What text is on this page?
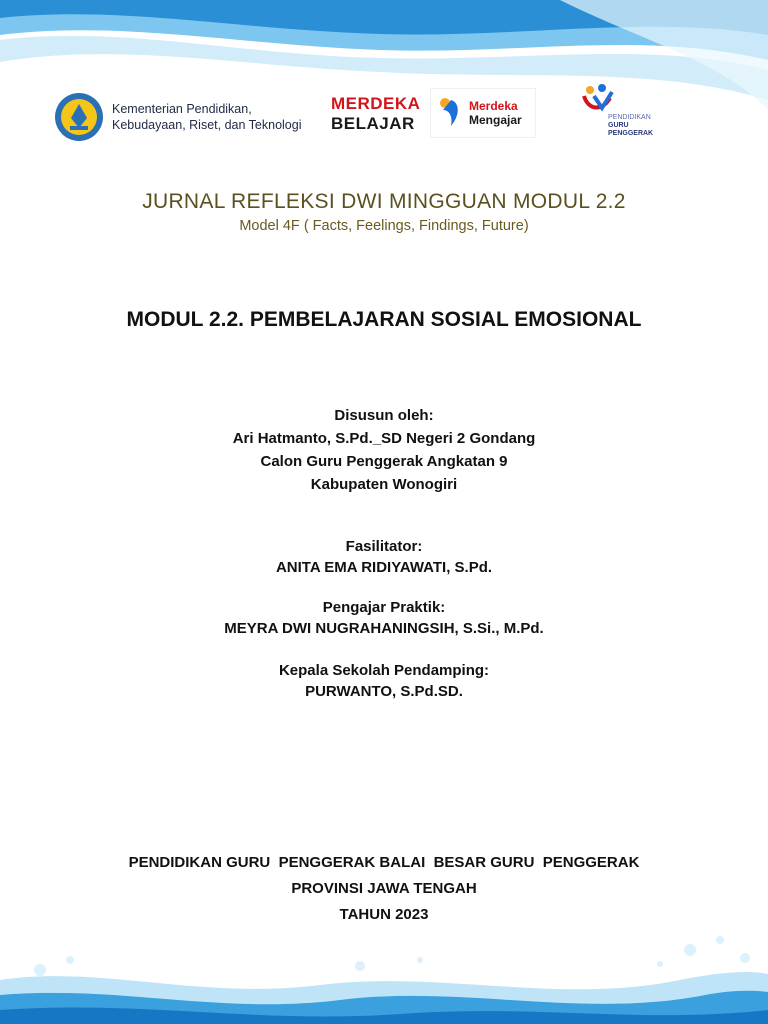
Kementerian Pendidikan,
Kebudayaan, Riset, dan Teknologi
MERDEKA
BELAJAR
Merdeka
Mengajar	PENDIDIKAN
GURU
PENGGERAK
JURNAL REFLEKSI DWI MINGGUAN MODUL 2.2
Model 4F ( Facts, Feelings, Findings, Future)
MODUL 2.2. PEMBELAJARAN SOSIAL EMOSIONAL
Disusun oleh:
Ari Hatmanto, S.Pd._SD Negeri 2 Gondang
Calon Guru Penggerak Angkatan 9
Kabupaten Wonogiri
Fasilitator:
ANITA EMA RIDIYAWATI, S.Pd.
Pengajar Praktik:
MEYRA DWI NUGRAHANINGSIH, S.Si., M.Pd.
Kepala Sekolah Pendamping:
PURWANTO, S.Pd.SD.
PENDIDIKAN GURU  PENGGERAK BALAI  BESAR GURU  PENGGERAK
PROVINSI JAWA TENGAH
TAHUN 2023
